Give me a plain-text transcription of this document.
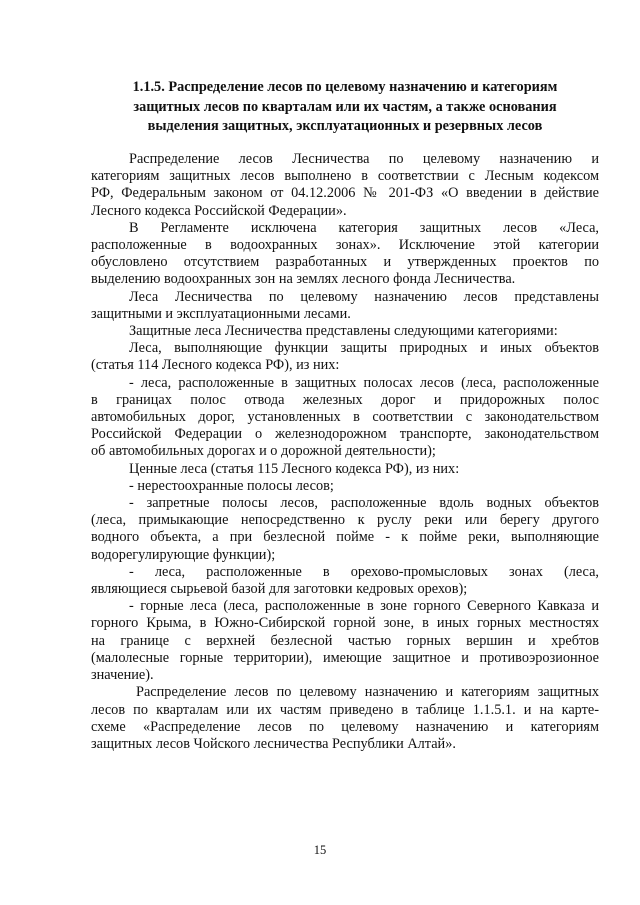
1.1.5. Распределение лесов по целевому назначению и категориям
защитных лесов по кварталам или их частям, а также основания
выделения защитных, эксплуатационных и резервных лесов
Распределение лесов Лесничества по целевому назначению и
категориям защитных лесов выполнено в соответствии с Лесным кодексом
РФ, Федеральным законом от 04.12.2006 № 201-ФЗ «О введении в действие
Лесного кодекса Российской Федерации».
В Регламенте исключена категория защитных лесов «Леса,
расположенные в водоохранных зонах». Исключение этой категории
обусловлено отсутствием разработанных и утвержденных проектов по
выделению водоохранных зон на землях лесного фонда Лесничества.
Леса Лесничества по целевому назначению лесов представлены
защитными и эксплуатационными лесами.
Защитные леса Лесничества представлены следующими категориями:
Леса, выполняющие функции защиты природных и иных объектов
(статья 114 Лесного кодекса РФ), из них:
- леса, расположенные в защитных полосах лесов (леса, расположенные
в границах полос отвода железных дорог и придорожных полос
автомобильных дорог, установленных в соответствии с законодательством
Российской Федерации о железнодорожном транспорте, законодательством
об автомобильных дорогах и о дорожной деятельности);
Ценные леса (статья 115 Лесного кодекса РФ), из них:
- нерестоохранные полосы лесов;
- запретные полосы лесов, расположенные вдоль водных объектов
(леса, примыкающие непосредственно к руслу реки или берегу другого
водного объекта, а при безлесной пойме - к пойме реки, выполняющие
водорегулирующие функции);
- леса, расположенные в орехово-промысловых зонах (леса,
являющиеся сырьевой базой для заготовки кедровых орехов);
- горные леса (леса, расположенные в зоне горного Северного Кавказа и
горного Крыма, в Южно-Сибирской горной зоне, в иных горных местностях
на границе с верхней безлесной частью горных вершин и хребтов
(малолесные горные территории), имеющие защитное и противоэрозионное
значение).
Распределение лесов по целевому назначению и категориям защитных
лесов по кварталам или их частям приведено в таблице 1.1.5.1. и на карте-
схеме «Распределение лесов по целевому назначению и категориям
защитных лесов Чойского лесничества Республики Алтай».
15
